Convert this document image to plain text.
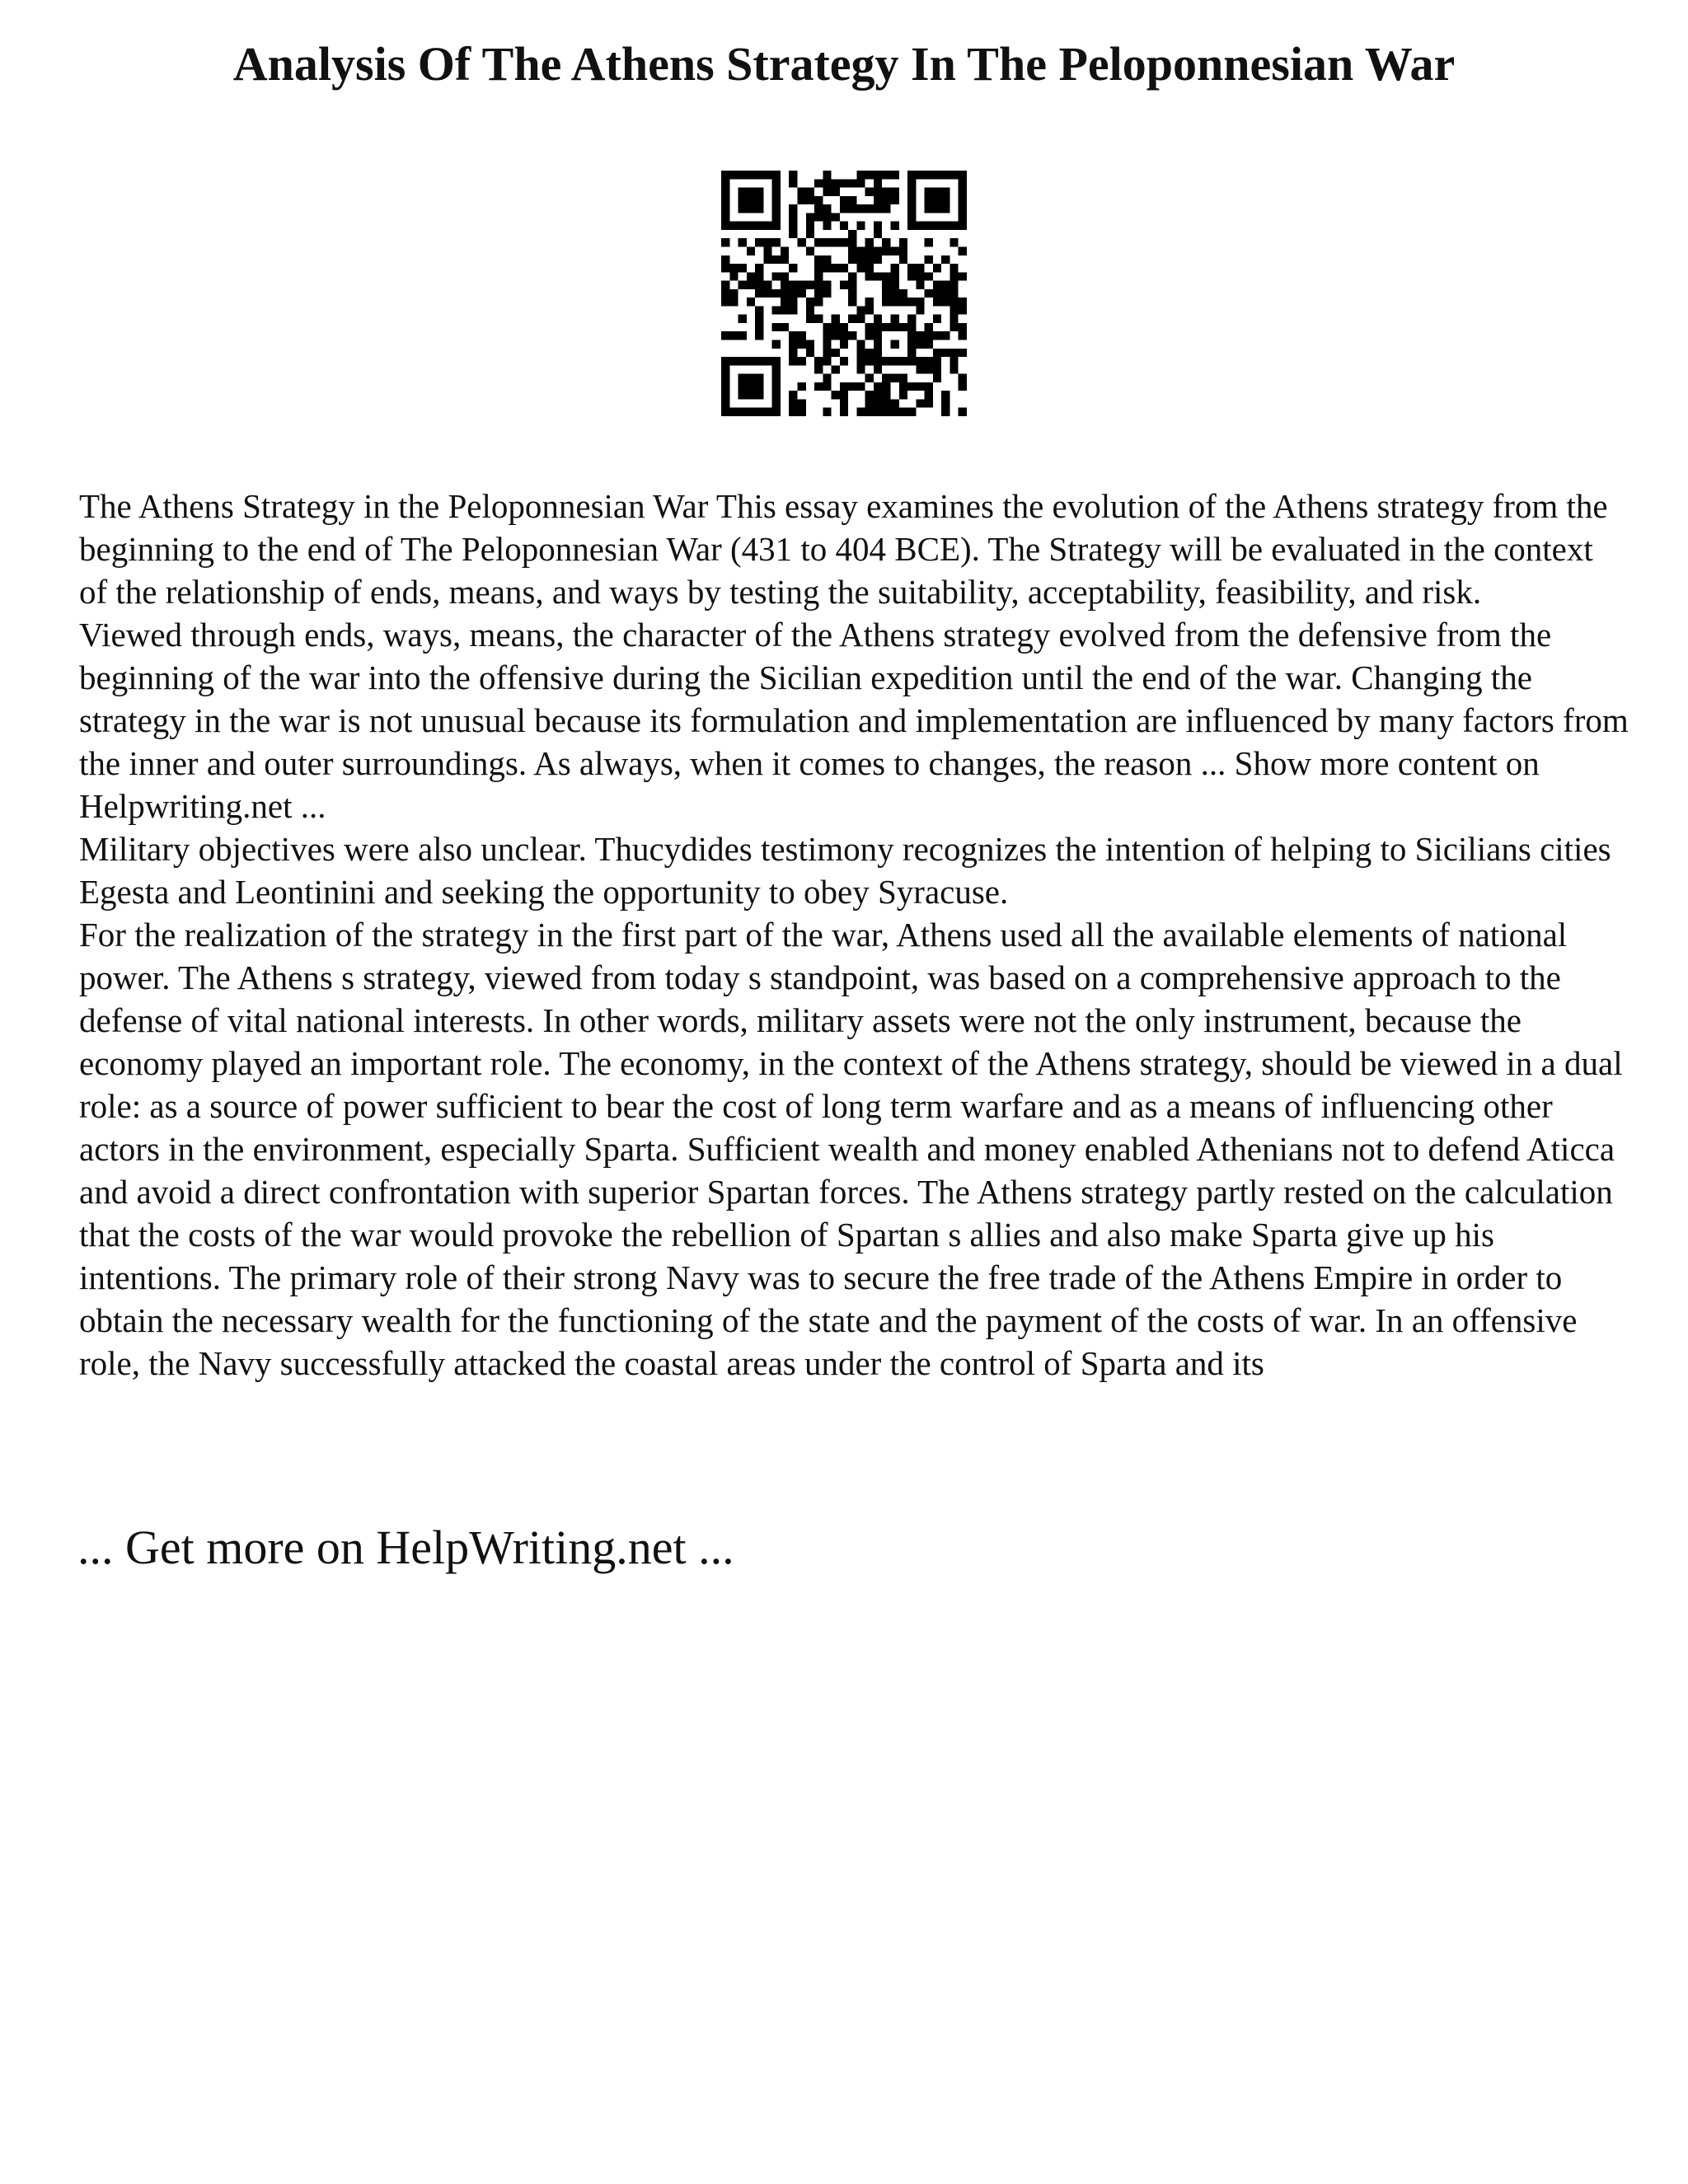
Analysis Of The Athens Strategy In The Peloponnesian War

The Athens Strategy in the Peloponnesian War This essay examines the evolution of the Athens strategy from the beginning to the end of The Peloponnesian War (431 to 404 BCE). The Strategy will be evaluated in the context of the relationship of ends, means, and ways by testing the suitability, acceptability, feasibility, and risk.

Viewed through ends, ways, means, the character of the Athens strategy evolved from the defensive from the beginning of the war into the offensive during the Sicilian expedition until the end of the war. Changing the strategy in the war is not unusual because its formulation and implementation are influenced by many factors from the inner and outer surroundings. As always, when it comes to changes, the reason ... Show more content on Helpwriting.net ...

Military objectives were also unclear. Thucydides testimony recognizes the intention of helping to Sicilians cities Egesta and Leontinini and seeking the opportunity to obey Syracuse.

For the realization of the strategy in the first part of the war, Athens used all the available elements of national power. The Athens s strategy, viewed from today s standpoint, was based on a comprehensive approach to the defense of vital national interests. In other words, military assets were not the only instrument, because the economy played an important role. The economy, in the context of the Athens strategy, should be viewed in a dual role: as a source of power sufficient to bear the cost of long term warfare and as a means of influencing other actors in the environment, especially Sparta. Sufficient wealth and money enabled Athenians not to defend Aticca and avoid a direct confrontation with superior Spartan forces. The Athens strategy partly rested on the calculation that the costs of the war would provoke the rebellion of Spartan s allies and also make Sparta give up his intentions. The primary role of their strong Navy was to secure the free trade of the Athens Empire in order to obtain the necessary wealth for the functioning of the state and the payment of the costs of war. In an offensive role, the Navy successfully attacked the coastal areas under the control of Sparta and its

... Get more on HelpWriting.net ...
